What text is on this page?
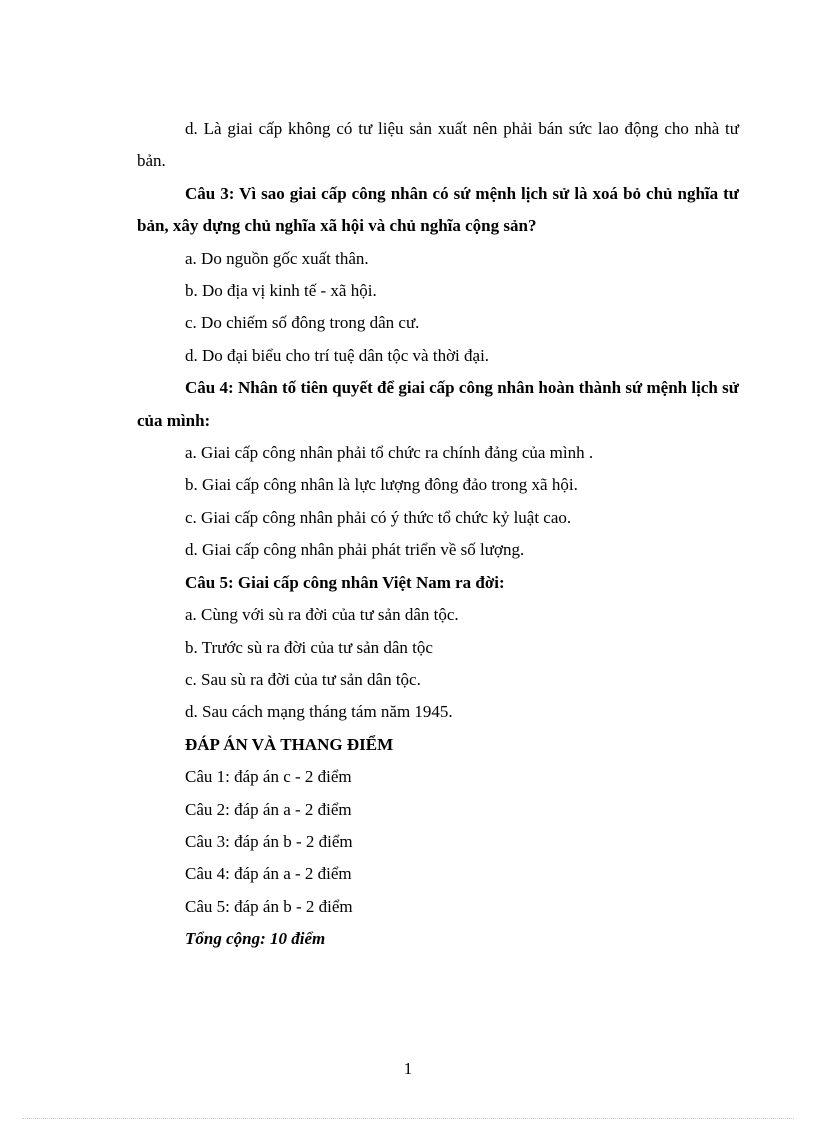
d. Là giai cấp không có tư liệu sản xuất nên phải bán sức lao động cho nhà tư bản.

Câu 3: Vì sao giai cấp công nhân có sứ mệnh lịch sử là xoá bỏ chủ nghĩa tư bản, xây dựng chủ nghĩa xã hội và chủ nghĩa cộng sản?

a. Do nguồn gốc xuất thân.

b. Do địa vị kinh tế - xã hội.

c. Do chiếm số đông trong dân cư.

d. Do đại biểu cho trí tuệ dân tộc và thời đại.

Câu 4: Nhân tố tiên quyết để giai cấp công nhân hoàn thành sứ mệnh lịch sử của mình:

a. Giai cấp công nhân phải tổ chức ra chính đảng của mình .

b. Giai cấp công nhân là lực lượng đông đảo trong xã hội.

c. Giai cấp công nhân phải có ý thức tổ chức kỷ luật cao.

d. Giai cấp công nhân phải phát triển về số lượng.

Câu 5: Giai cấp công nhân Việt Nam ra đời:

a. Cùng với sù ra đời của tư sản dân tộc.

b. Trước sù ra đời của tư sản dân tộc

c. Sau sù ra đời của tư sản dân tộc.

d. Sau cách mạng tháng tám năm 1945.

ĐÁP ÁN VÀ THANG ĐIỂM

Câu 1: đáp án c - 2 điểm

Câu 2: đáp án a - 2 điểm

Câu 3: đáp án b - 2 điểm

Câu 4: đáp án a - 2 điểm

Câu 5: đáp án b - 2 điểm

Tổng cộng: 10 điểm

1
